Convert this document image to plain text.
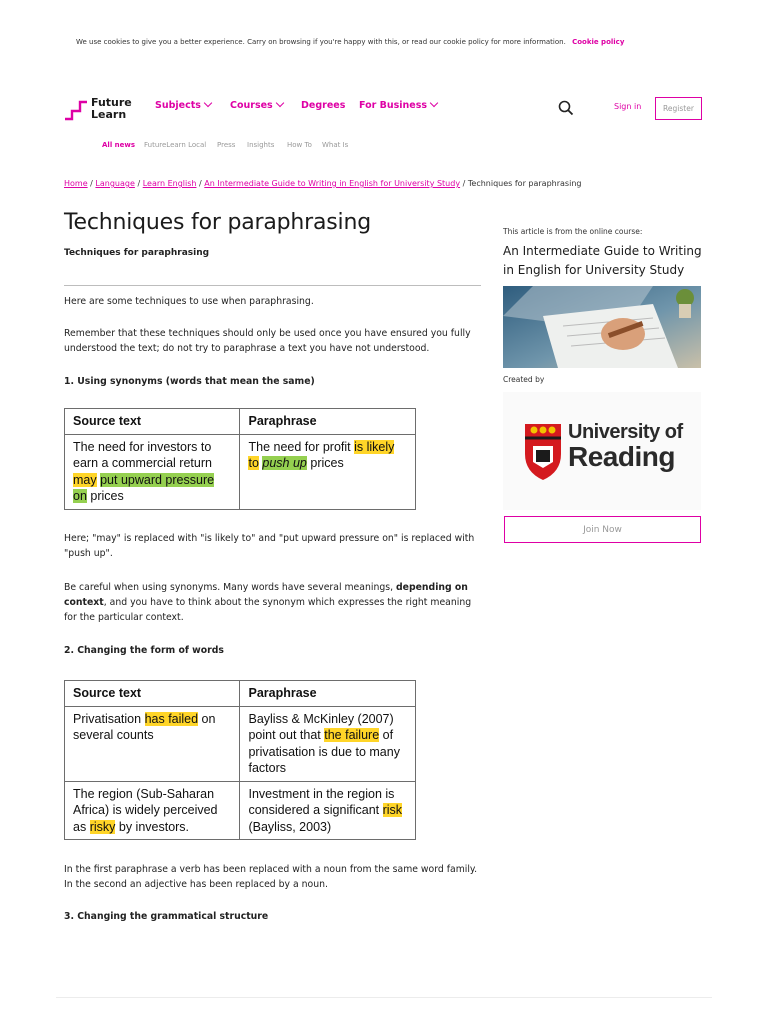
We use cookies to give you a better experience. Carry on browsing if you're happy with this, or read our cookie policy for more information. Cookie policy
Future
Learn
Subjects	Courses	Degrees For Business	Sign in	Register
All news FutureLearn Local Press Insights How To What Is
Home / Language / Learn English / An Intermediate Guide to Writing in English for University Study / Techniques for paraphrasing
Techniques for paraphrasing
Techniques for paraphrasing

Here are some techniques to use when paraphrasing.

Remember that these techniques should only be used once you have ensured you fully understood the text; do not try to paraphrase a text you have not understood.

1. Using synonyms (words that mean the same)
Source text	Paraphrase
The need for investors to earn a commercial return may put upward pressure
on prices	The need for profit is likely to push up prices

Here; "may" is replaced with "is likely to" and "put upward pressure on" is replaced with "push up".

Be careful when using synonyms. Many words have several meanings, depending on context, and you have to think about the synonym which expresses the right meaning for the particular context.

2. Changing the form of words
Source text	Paraphrase
Privatisation has failed on several counts	Bayliss & McKinley (2007) point out that the failure of privatisation is due to many factors
The region (Sub-Saharan Africa) is widely perceived as risky by investors.	Investment in the region is considered a significant risk (Bayliss, 2003)

In the first paraphrase a verb has been replaced with a noun from the same word family. In the second an adjective has been replaced by a noun.

3. Changing the grammatical structure
This article is from the online course:
An Intermediate Guide to Writing in English for University Study
Created by
University of
Reading
Join Now
